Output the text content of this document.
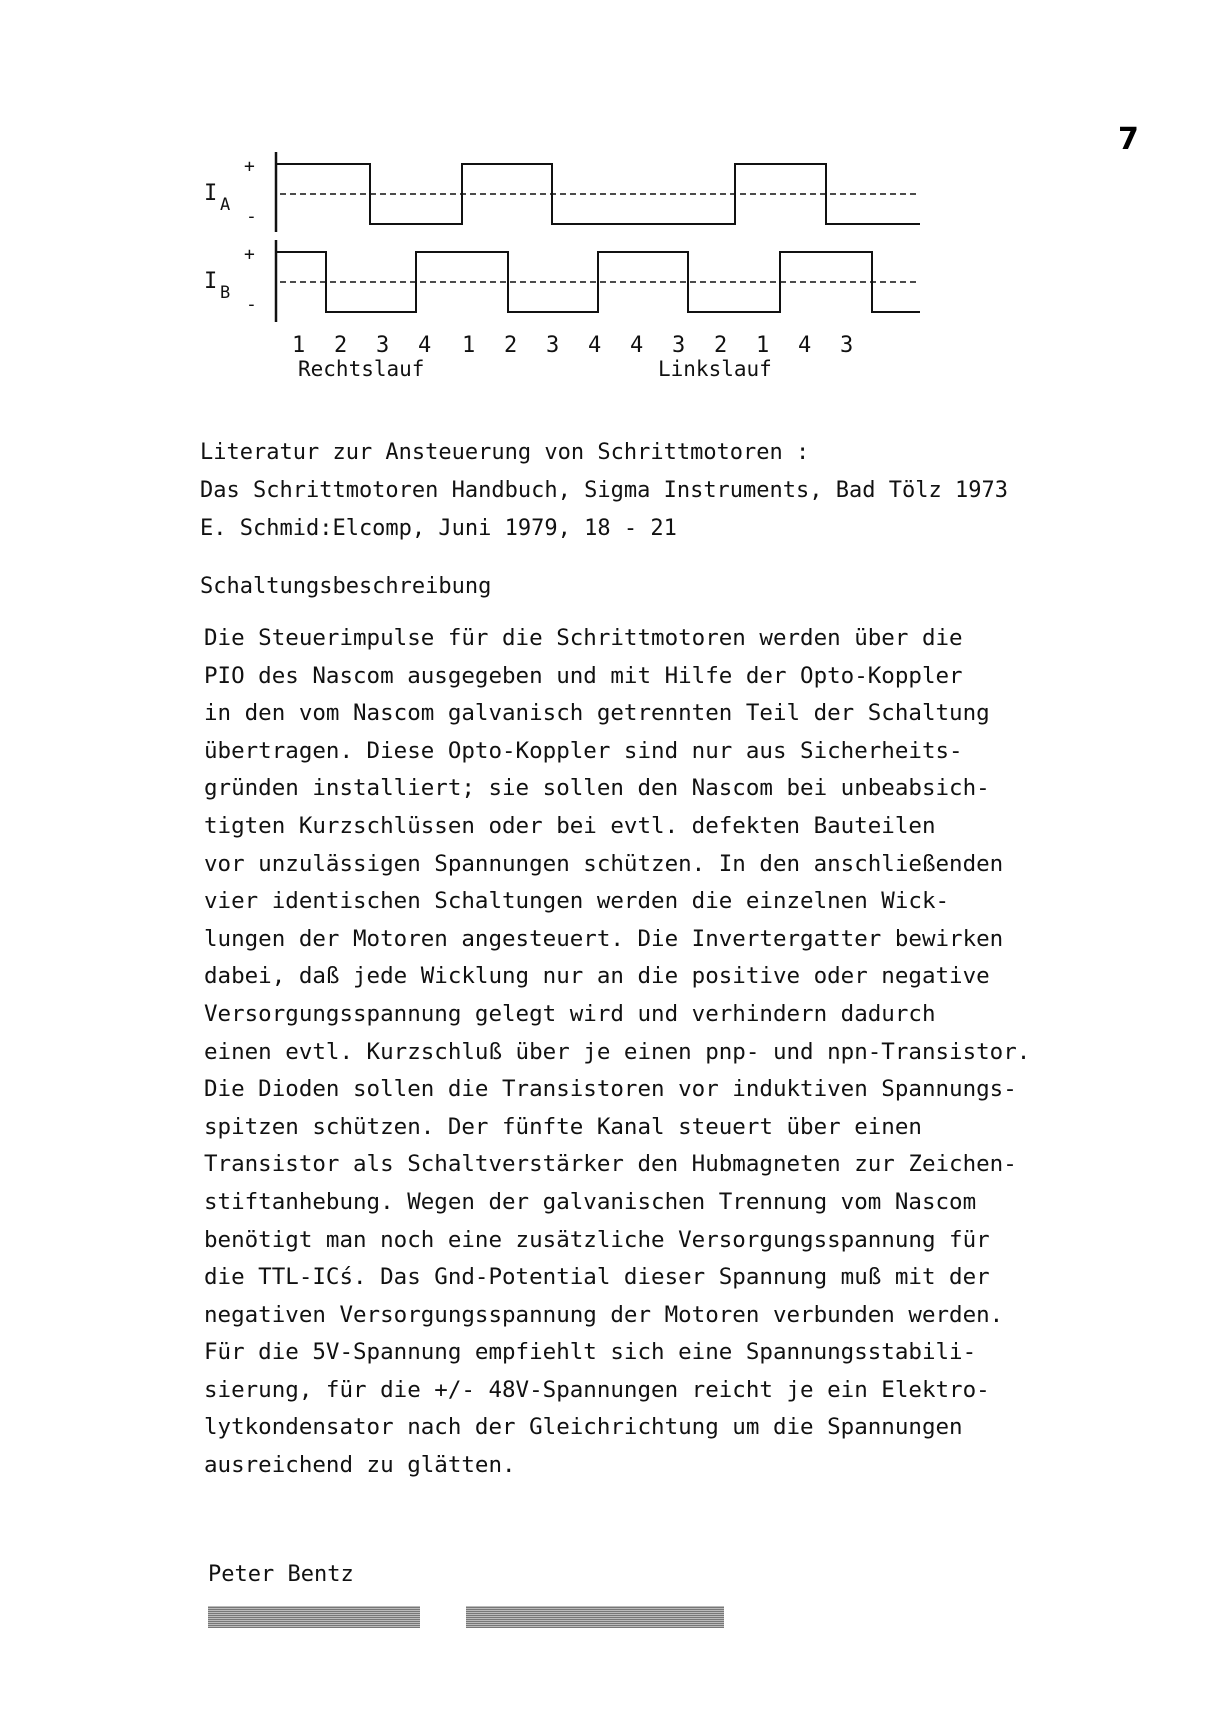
7
I A
+
-
I B
+
-
1 2 3 4 1 2 3 4 4 3 2 1 4 3
Rechtslauf	Linkslauf
Literatur zur Ansteuerung von Schrittmotoren :
Das Schrittmotoren Handbuch, Sigma Instruments, Bad Tölz 1973
E. Schmid:Elcomp, Juni 1979, 18 - 21
Schaltungsbeschreibung
Die Steuerimpulse für die Schrittmotoren werden über die
PIO des Nascom ausgegeben und mit Hilfe der Opto-Koppler
in den vom Nascom galvanisch getrennten Teil der Schaltung
übertragen. Diese Opto-Koppler sind nur aus Sicherheits-
gründen installiert; sie sollen den Nascom bei unbeabsich-
tigten Kurzschlüssen oder bei evtl. defekten Bauteilen
vor unzulässigen Spannungen schützen. In den anschließenden
vier identischen Schaltungen werden die einzelnen Wick-
lungen der Motoren angesteuert. Die Invertergatter bewirken
dabei, daß jede Wicklung nur an die positive oder negative
Versorgungsspannung gelegt wird und verhindern dadurch
einen evtl. Kurzschluß über je einen pnp- und npn-Transistor.
Die Dioden sollen die Transistoren vor induktiven Spannungs-
spitzen schützen. Der fünfte Kanal steuert über einen
Transistor als Schaltverstärker den Hubmagneten zur Zeichen-
stiftanhebung. Wegen der galvanischen Trennung vom Nascom
benötigt man noch eine zusätzliche Versorgungsspannung für
die TTL-ICś. Das Gnd-Potential dieser Spannung muß mit der
negativen Versorgungsspannung der Motoren verbunden werden.
Für die 5V-Spannung empfiehlt sich eine Spannungsstabili-
sierung, für die +/- 48V-Spannungen reicht je ein Elektro-
lytkondensator nach der Gleichrichtung um die Spannungen
ausreichend zu glätten.
Peter Bentz
